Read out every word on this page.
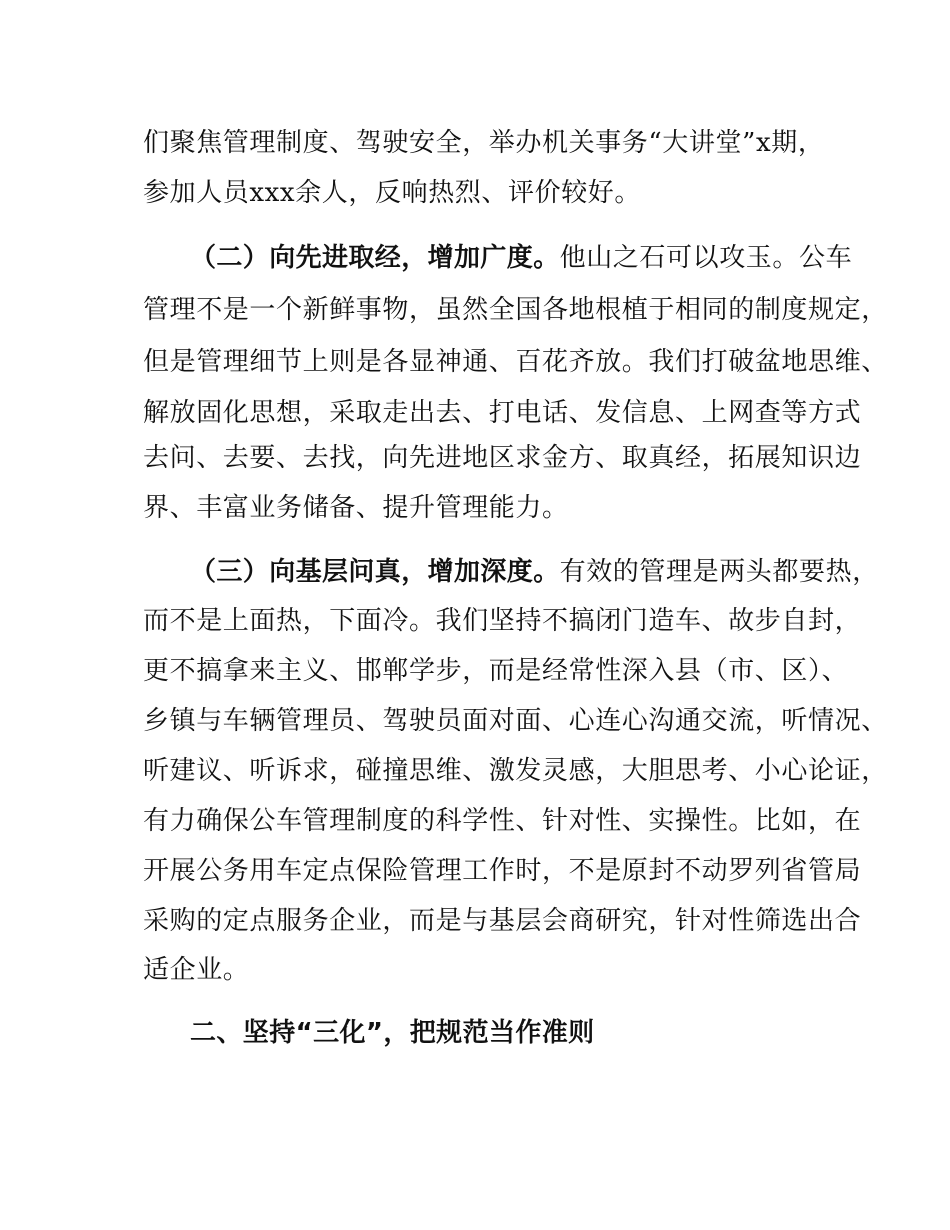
们聚焦管理制度、驾驶安全，举办机关事务“大讲堂”x期，
参加人员xxx余人，反响热烈、评价较好。
（二）向先进取经，增加广度。他山之石可以攻玉。公车
管理不是一个新鲜事物，虽然全国各地根植于相同的制度规定，
但是管理细节上则是各显神通、百花齐放。我们打破盆地思维、
解放固化思想，采取走出去、打电话、发信息、上网查等方式
去问、去要、去找，向先进地区求金方、取真经，拓展知识边
界、丰富业务储备、提升管理能力。
（三）向基层问真，增加深度。有效的管理是两头都要热，
而不是上面热，下面冷。我们坚持不搞闭门造车、故步自封，
更不搞拿来主义、邯郸学步，而是经常性深入县（市、区）、
乡镇与车辆管理员、驾驶员面对面、心连心沟通交流，听情况、
听建议、听诉求，碰撞思维、激发灵感，大胆思考、小心论证，
有力确保公车管理制度的科学性、针对性、实操性。比如，在
开展公务用车定点保险管理工作时，不是原封不动罗列省管局
采购的定点服务企业，而是与基层会商研究，针对性筛选出合
适企业。
二、坚持“三化”，把规范当作准则
